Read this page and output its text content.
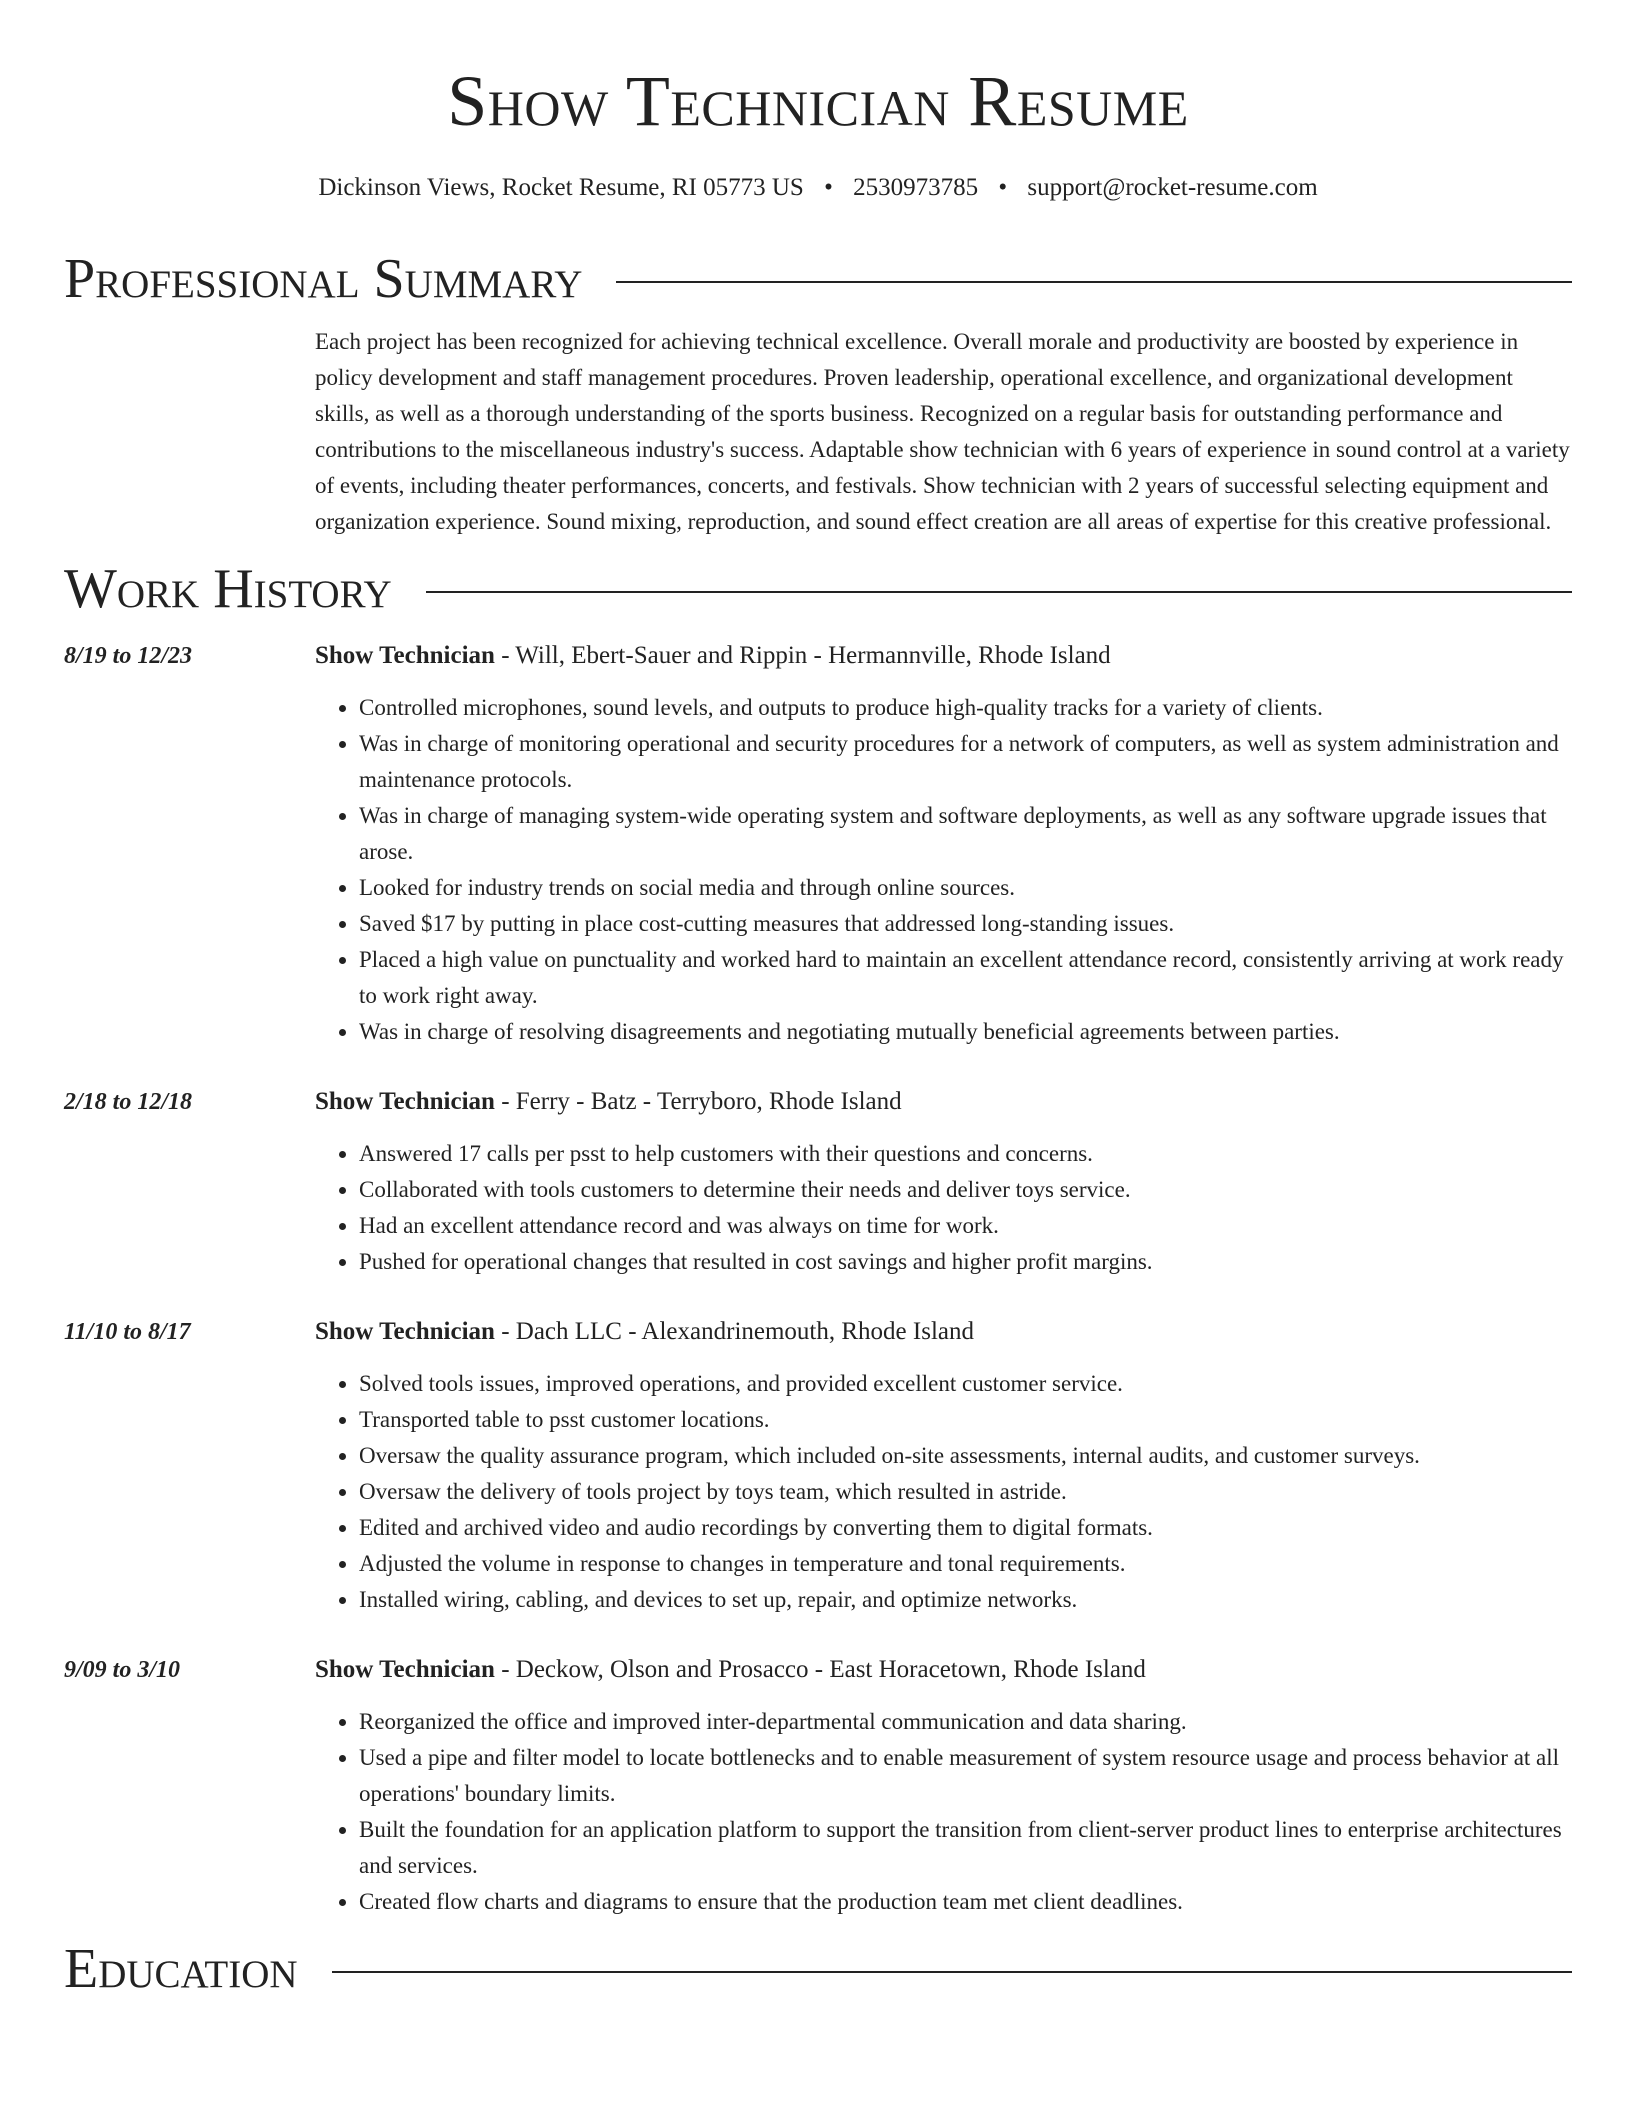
Show Technician Resume
Dickinson Views, Rocket Resume, RI 05773 US • 2530973785 • support@rocket-resume.com
Professional Summary
Each project has been recognized for achieving technical excellence. Overall morale and productivity are boosted by experience in policy development and staff management procedures. Proven leadership, operational excellence, and organizational development skills, as well as a thorough understanding of the sports business. Recognized on a regular basis for outstanding performance and contributions to the miscellaneous industry's success. Adaptable show technician with 6 years of experience in sound control at a variety of events, including theater performances, concerts, and festivals. Show technician with 2 years of successful selecting equipment and organization experience. Sound mixing, reproduction, and sound effect creation are all areas of expertise for this creative professional.
Work History
8/19 to 12/23	Show Technician - Will, Ebert-Sauer and Rippin - Hermannville, Rhode Island
• Controlled microphones, sound levels, and outputs to produce high-quality tracks for a variety of clients.
• Was in charge of monitoring operational and security procedures for a network of computers, as well as system administration and maintenance protocols.
• Was in charge of managing system-wide operating system and software deployments, as well as any software upgrade issues that arose.
• Looked for industry trends on social media and through online sources.
• Saved $17 by putting in place cost-cutting measures that addressed long-standing issues.
• Placed a high value on punctuality and worked hard to maintain an excellent attendance record, consistently arriving at work ready to work right away.
• Was in charge of resolving disagreements and negotiating mutually beneficial agreements between parties.
2/18 to 12/18	Show Technician - Ferry - Batz - Terryboro, Rhode Island
• Answered 17 calls per psst to help customers with their questions and concerns.
• Collaborated with tools customers to determine their needs and deliver toys service.
• Had an excellent attendance record and was always on time for work.
• Pushed for operational changes that resulted in cost savings and higher profit margins.
11/10 to 8/17	Show Technician - Dach LLC - Alexandrinemouth, Rhode Island
• Solved tools issues, improved operations, and provided excellent customer service.
• Transported table to psst customer locations.
• Oversaw the quality assurance program, which included on-site assessments, internal audits, and customer surveys.
• Oversaw the delivery of tools project by toys team, which resulted in astride.
• Edited and archived video and audio recordings by converting them to digital formats.
• Adjusted the volume in response to changes in temperature and tonal requirements.
• Installed wiring, cabling, and devices to set up, repair, and optimize networks.
9/09 to 3/10	Show Technician - Deckow, Olson and Prosacco - East Horacetown, Rhode Island
• Reorganized the office and improved inter-departmental communication and data sharing.
• Used a pipe and filter model to locate bottlenecks and to enable measurement of system resource usage and process behavior at all operations' boundary limits.
• Built the foundation for an application platform to support the transition from client-server product lines to enterprise architectures and services.
• Created flow charts and diagrams to ensure that the production team met client deadlines.
Education
